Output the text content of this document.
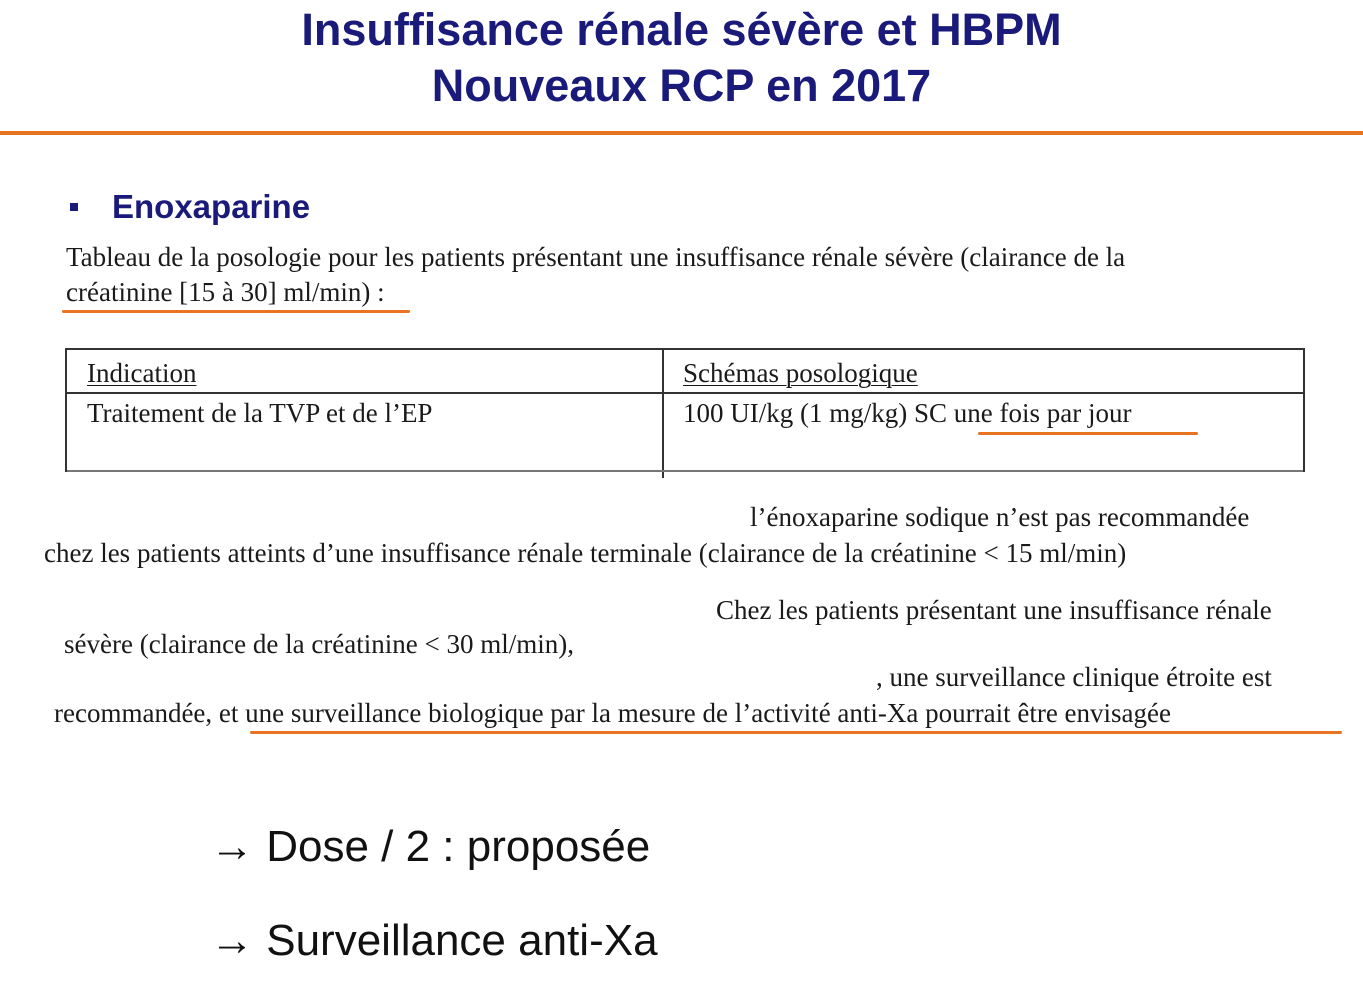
Insuffisance rénale sévère et HBPM
Nouveaux RCP en 2017
Enoxaparine
Tableau de la posologie pour les patients présentant une insuffisance rénale sévère (clairance de la
créatinine [15 à 30] ml/min) :
Indication	Schémas posologique
Traitement de la TVP et de l’EP	100 UI/kg (1 mg/kg) SC une fois par jour
l’énoxaparine sodique n’est pas recommandée
chez les patients atteints d’une insuffisance rénale terminale (clairance de la créatinine < 15 ml/min)
Chez les patients présentant une insuffisance rénale
sévère (clairance de la créatinine < 30 ml/min),
, une surveillance clinique étroite est
recommandée, et une surveillance biologique par la mesure de l’activité anti-Xa pourrait être envisagée
→ Dose / 2 : proposée
→ Surveillance anti-Xa
